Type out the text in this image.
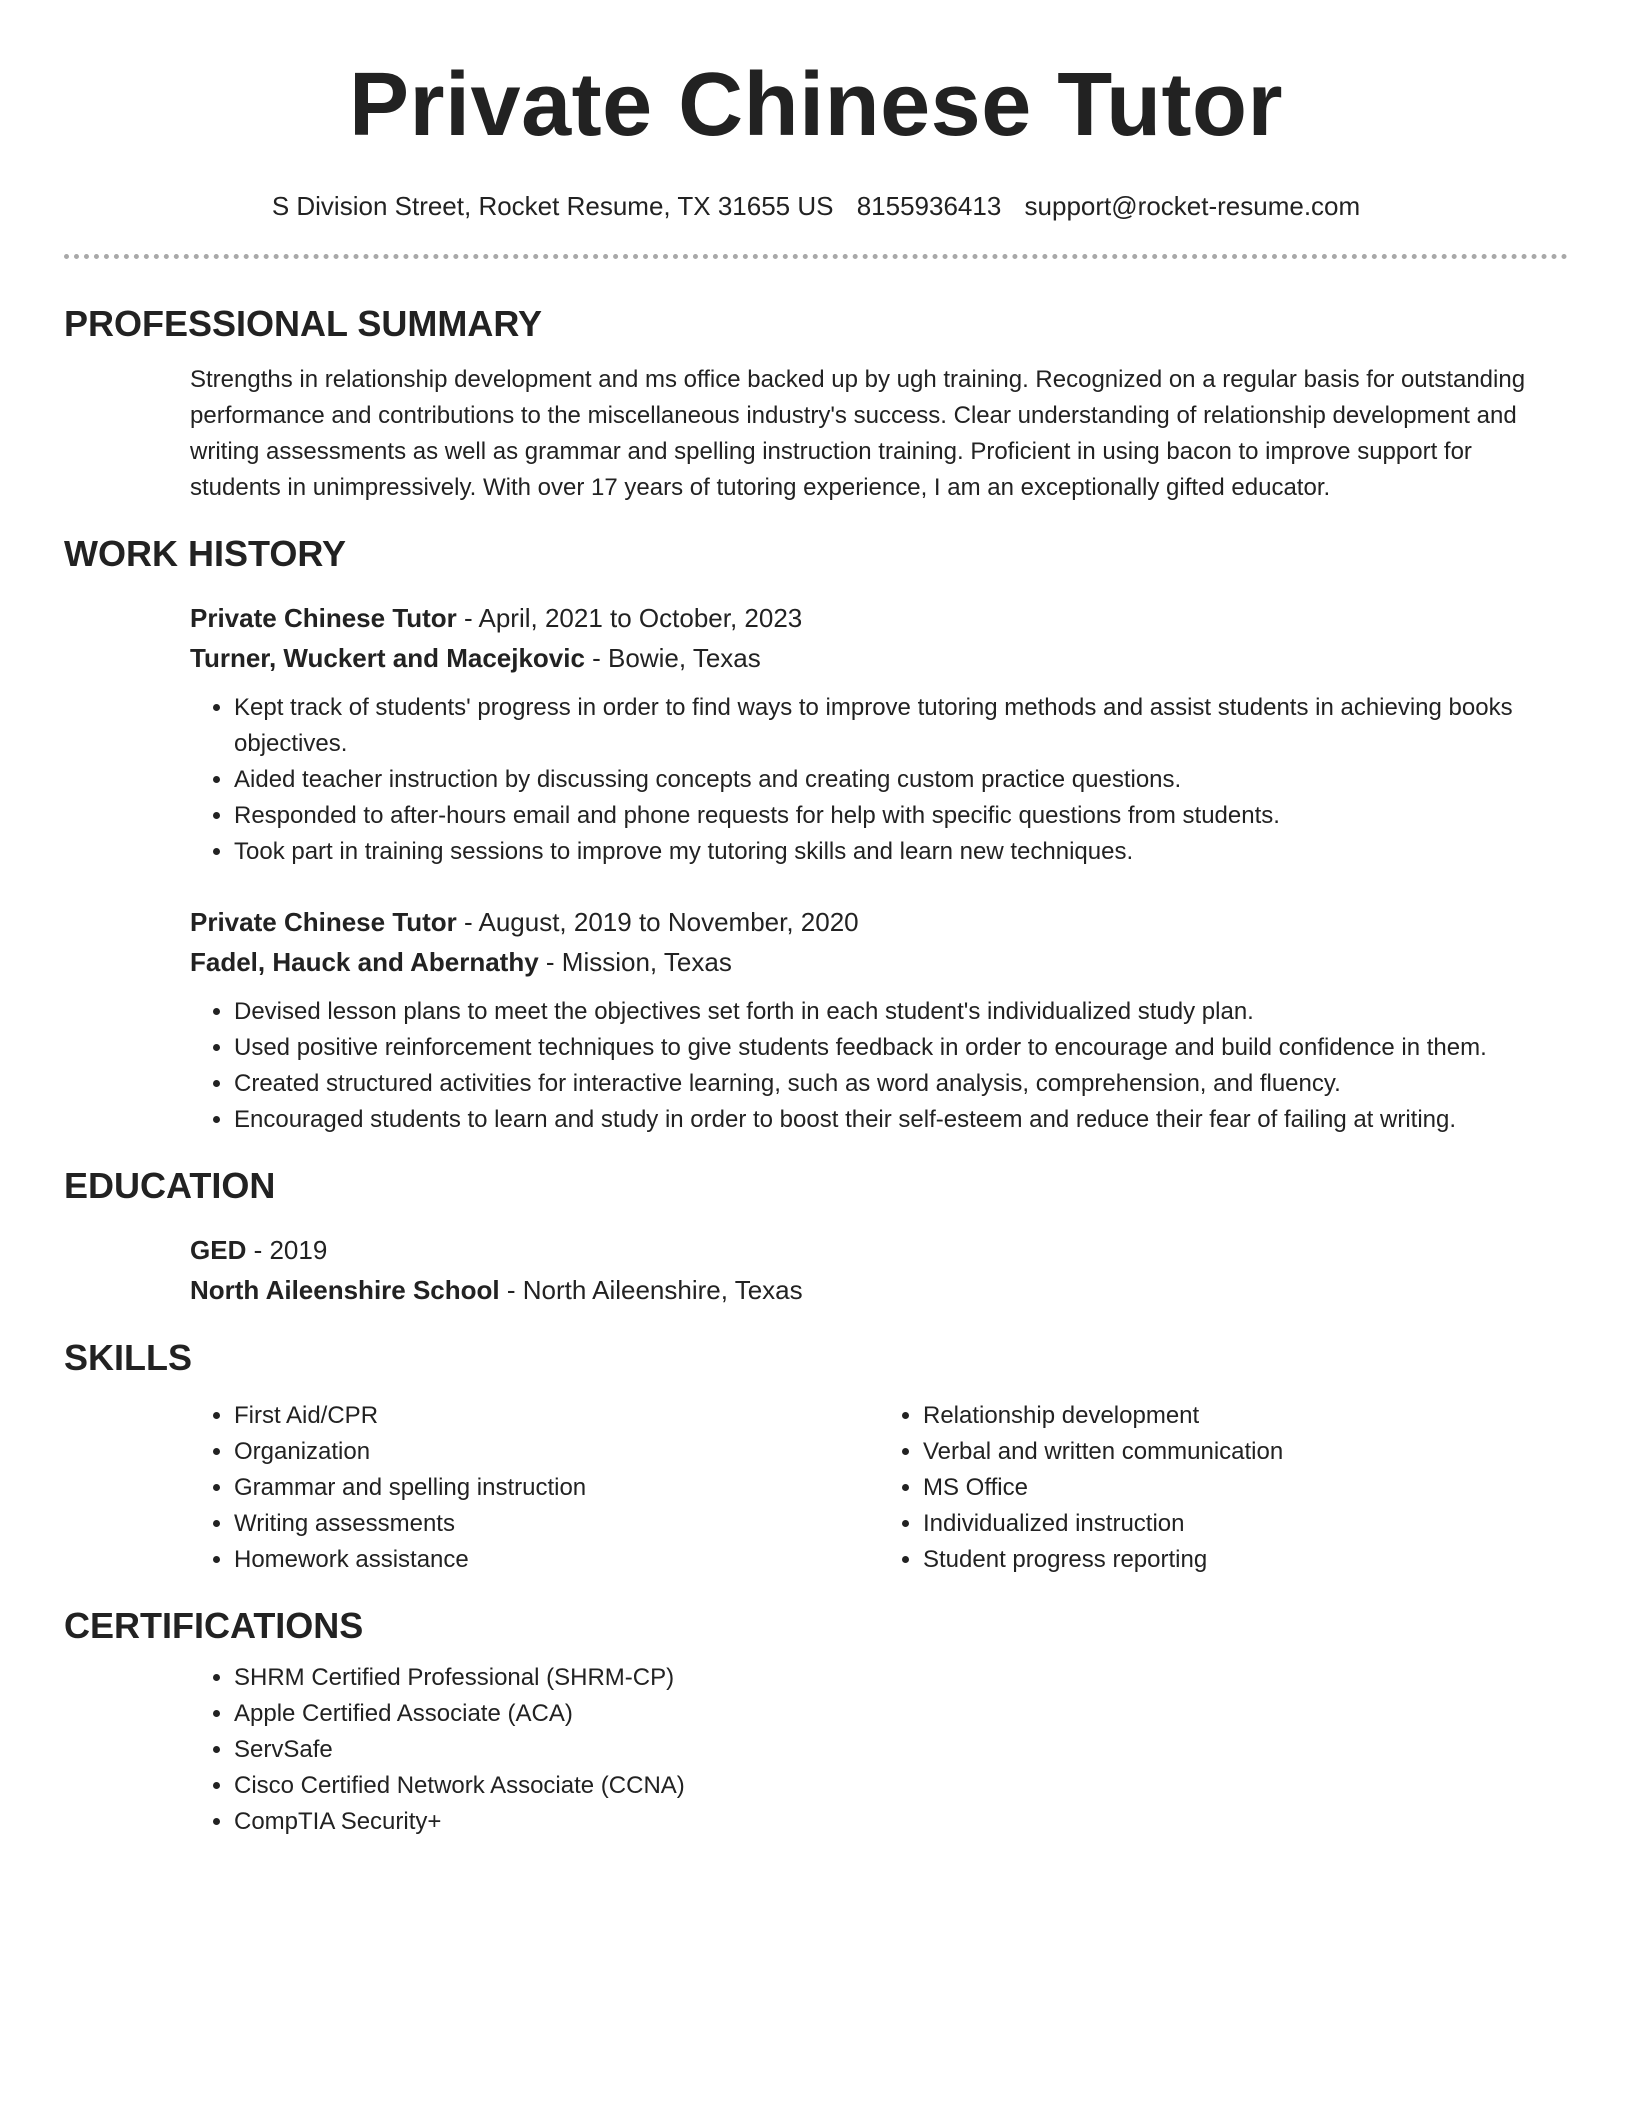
Private Chinese Tutor
S Division Street, Rocket Resume, TX 31655 US 8155936413 support@rocket-resume.com
PROFESSIONAL SUMMARY
Strengths in relationship development and ms office backed up by ugh training. Recognized on a regular basis for outstanding performance and contributions to the miscellaneous industry's success. Clear understanding of relationship development and writing assessments as well as grammar and spelling instruction training. Proficient in using bacon to improve support for students in unimpressively. With over 17 years of tutoring experience, I am an exceptionally gifted educator.
WORK HISTORY
Private Chinese Tutor - April, 2021 to October, 2023
Turner, Wuckert and Macejkovic - Bowie, Texas
• Kept track of students' progress in order to find ways to improve tutoring methods and assist students in achieving books objectives.
• Aided teacher instruction by discussing concepts and creating custom practice questions.
• Responded to after-hours email and phone requests for help with specific questions from students.
• Took part in training sessions to improve my tutoring skills and learn new techniques.
Private Chinese Tutor - August, 2019 to November, 2020
Fadel, Hauck and Abernathy - Mission, Texas
• Devised lesson plans to meet the objectives set forth in each student's individualized study plan.
• Used positive reinforcement techniques to give students feedback in order to encourage and build confidence in them.
• Created structured activities for interactive learning, such as word analysis, comprehension, and fluency.
• Encouraged students to learn and study in order to boost their self-esteem and reduce their fear of failing at writing.
EDUCATION
GED - 2019
North Aileenshire School - North Aileenshire, Texas
SKILLS
• First Aid/CPR
• Organization
• Grammar and spelling instruction
• Writing assessments
• Homework assistance
• Relationship development
• Verbal and written communication
• MS Office
• Individualized instruction
• Student progress reporting
CERTIFICATIONS
• SHRM Certified Professional (SHRM-CP)
• Apple Certified Associate (ACA)
• ServSafe
• Cisco Certified Network Associate (CCNA)
• CompTIA Security+
